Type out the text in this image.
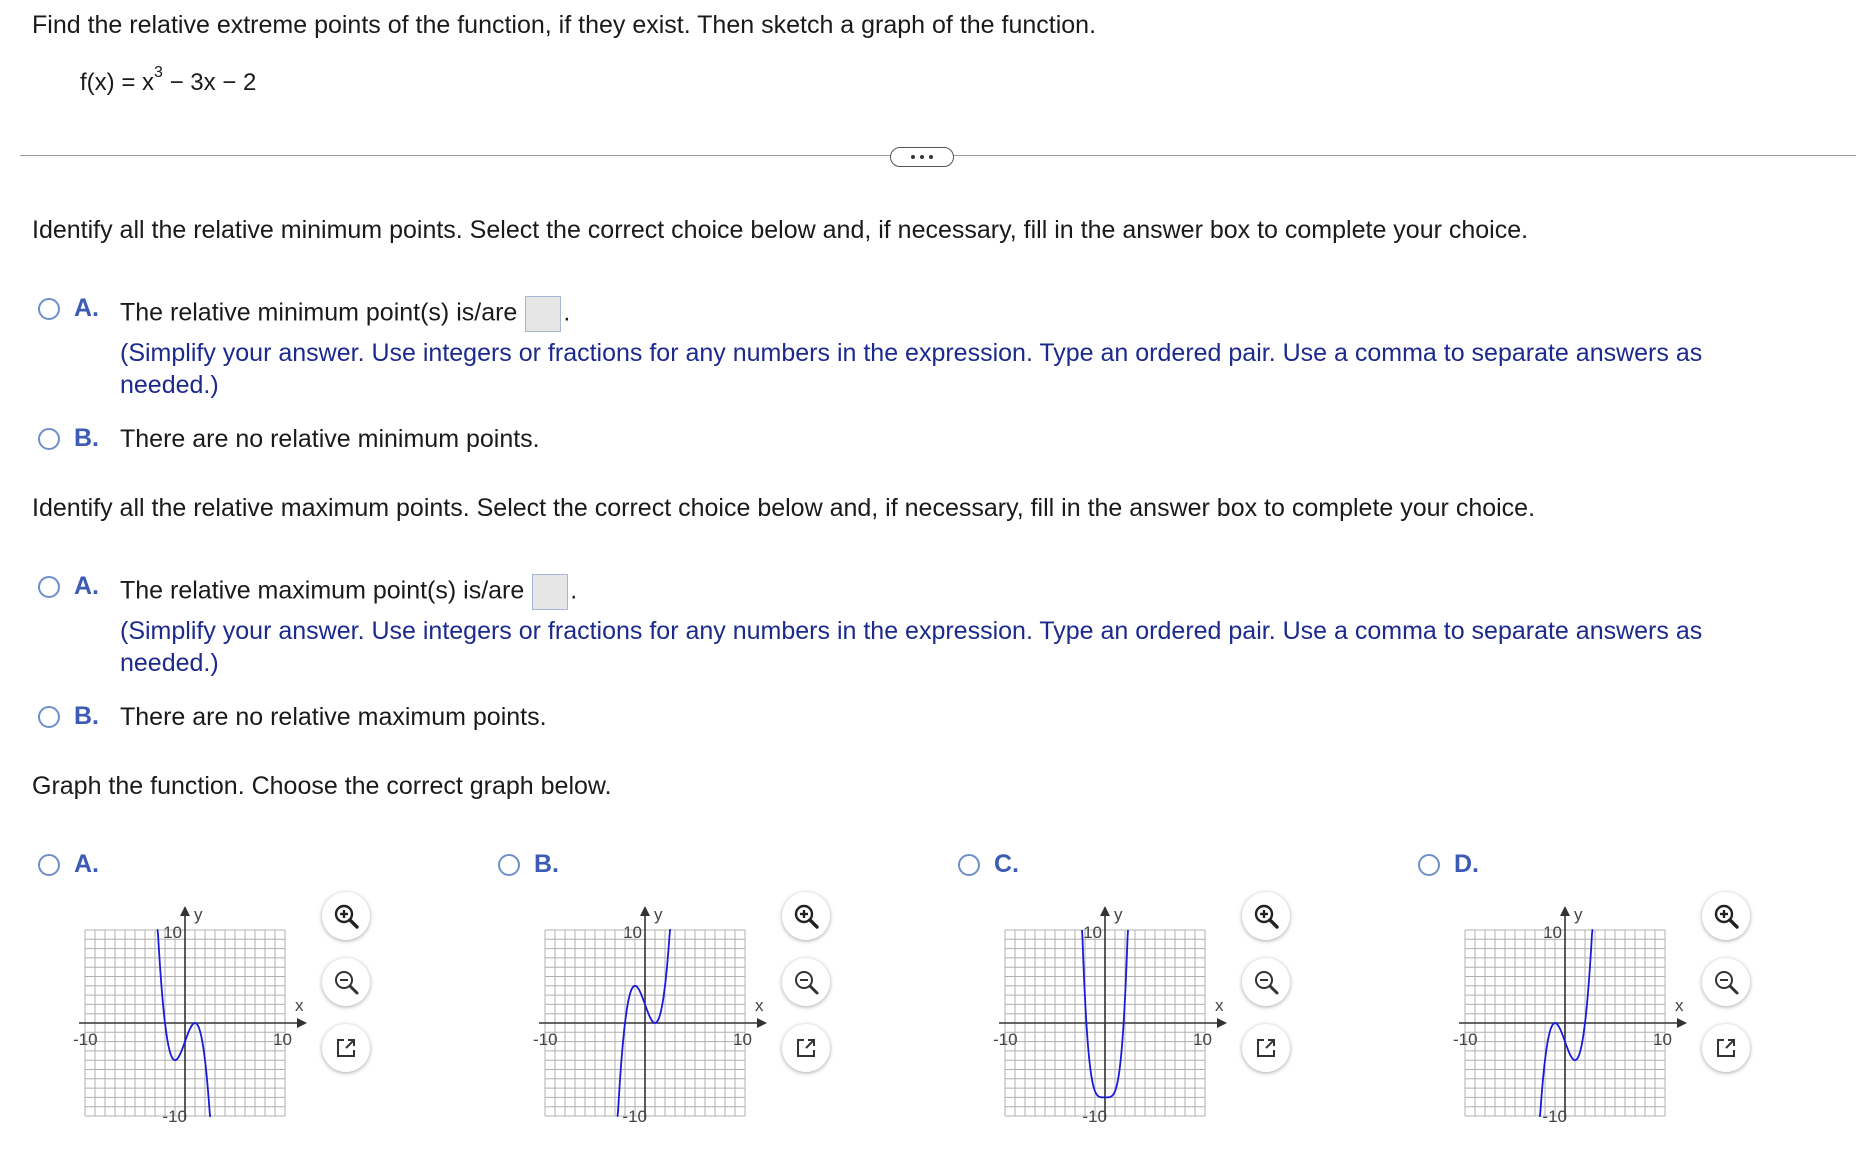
Find the relative extreme points of the function, if they exist. Then sketch a graph of the function.
$f(x) = x^3 - 3x - 2$
Identify all the relative minimum points. Select the correct choice below and, if necessary, fill in the answer box to complete your choice.
A. The relative minimum point(s) is/are .
(Simplify your answer. Use integers or fractions for any numbers in the expression. Type an ordered pair. Use a comma to separate answers as needed.)
B. There are no relative minimum points.
Identify all the relative maximum points. Select the correct choice below and, if necessary, fill in the answer box to complete your choice.
A. The relative maximum point(s) is/are .
(Simplify your answer. Use integers or fractions for any numbers in the expression. Type an ordered pair. Use a comma to separate answers as needed.)
B. There are no relative maximum points.
Graph the function. Choose the correct graph below.
A.
y
x
10
-10
-10	10
B.
y
x
10
-10
-10	10
C.
y
x
10
-10
-10	10
D.
y
x
10
-10
-10	10
